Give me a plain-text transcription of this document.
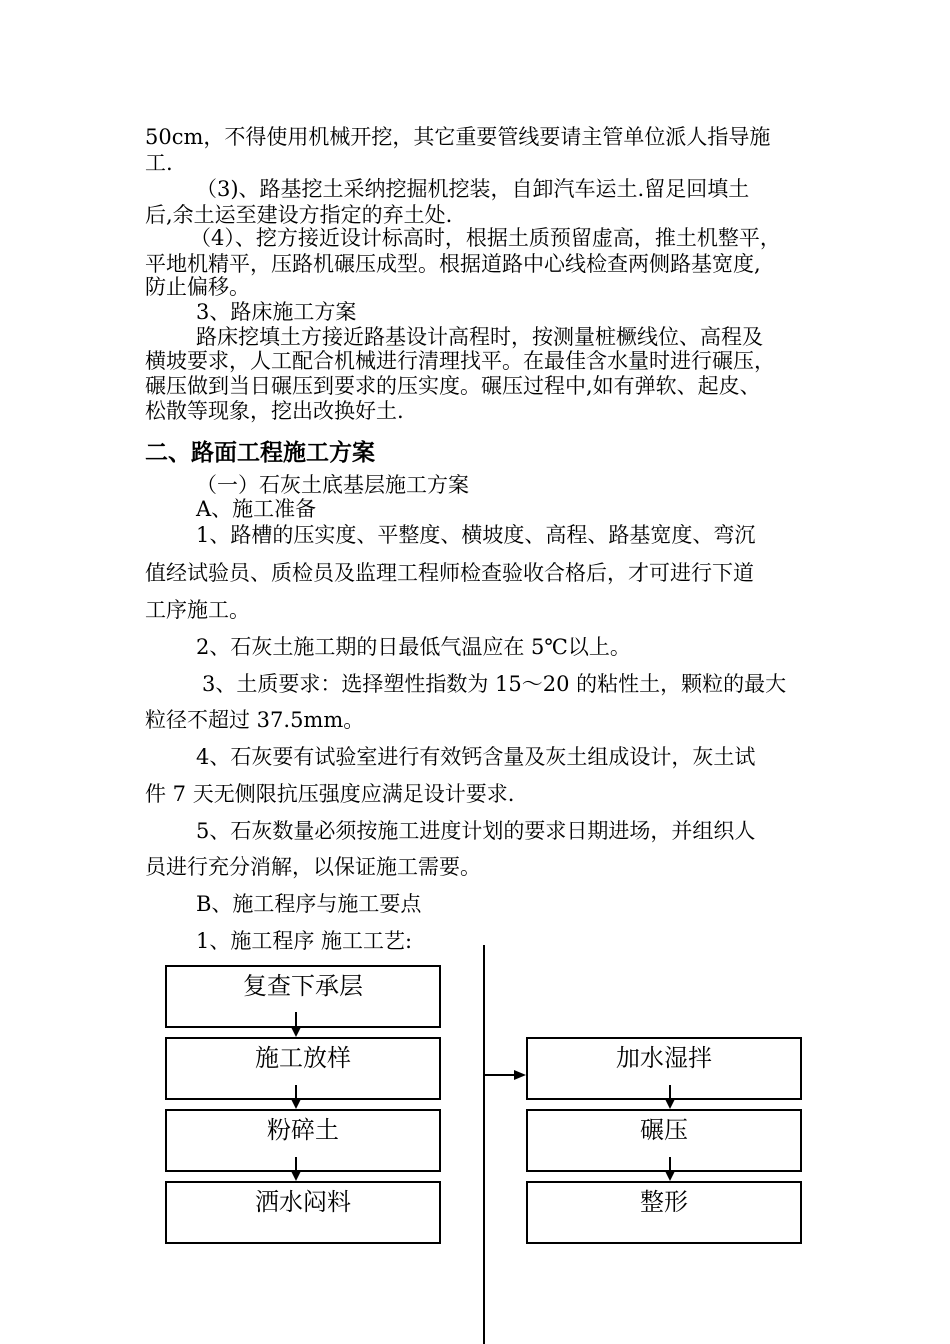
50cm，不得使用机械开挖，其它重要管线要请主管单位派人指导施
工.
（3)、路基挖土采纳挖掘机挖装，自卸汽车运土.留足回填土
后,余土运至建设方指定的弃土处.
（4）、挖方接近设计标高时，根据土质预留虚高，推土机整平，
平地机精平，压路机碾压成型。根据道路中心线检查两侧路基宽度,
防止偏移。
3、路床施工方案
路床挖填土方接近路基设计高程时，按测量桩橛线位、高程及
横坡要求，人工配合机械进行清理找平。在最佳含水量时进行碾压，
碾压做到当日碾压到要求的压实度。碾压过程中,如有弹软、起皮、
松散等现象，挖出改换好土.
二、路面工程施工方案
（一）石灰土底基层施工方案
A、施工准备
1、路槽的压实度、平整度、横坡度、高程、路基宽度、弯沉
值经试验员、质检员及监理工程师检查验收合格后，才可进行下道
工序施工。
2、石灰土施工期的日最低气温应在 5℃以上。
3、土质要求：选择塑性指数为 15～20 的粘性土，颗粒的最大
粒径不超过 37.5mm。
4、石灰要有试验室进行有效钙含量及灰土组成设计，灰土试
件 7 天无侧限抗压强度应满足设计要求.
5、石灰数量必须按施工进度计划的要求日期进场，并组织人
员进行充分消解，以保证施工需要。
B、施工程序与施工要点
1、施工程序 施工工艺:
复查下承层
施工放样
粉碎土
洒水闷料
加水湿拌
碾压
整形
